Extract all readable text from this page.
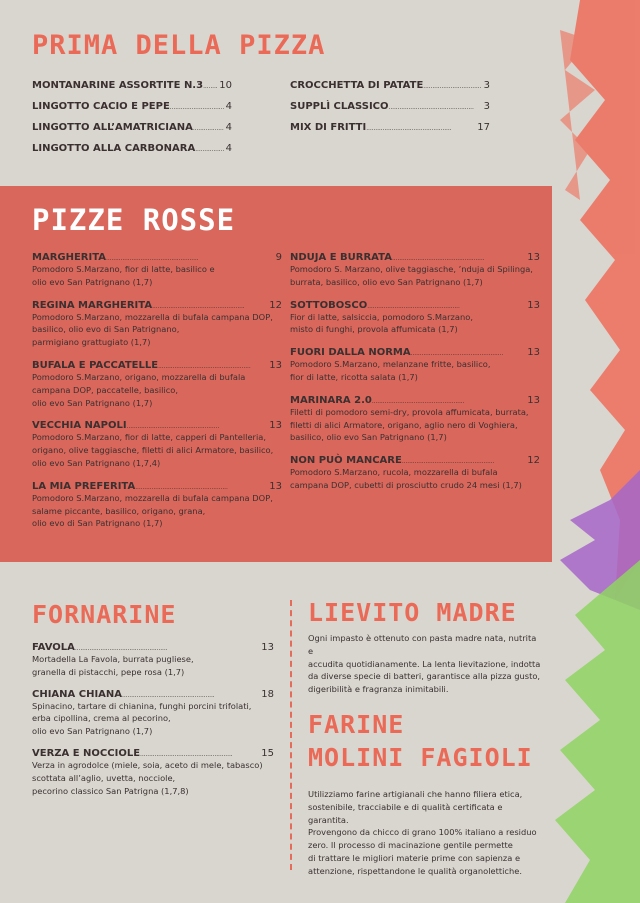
PRIMA DELLA PIZZA
MONTANARINE ASSORTITE N.3 . . . 10
LINGOTTO CACIO E PEPE . . .	4
LINGOTTO ALL’AMATRICIANA . . .	4
LINGOTTO ALLA CARBONARA . . .	4
CROCCHETTA DI PATATE . . .	3
SUPPLÌ CLASSICO . . .	3
MIX DI FRITTI . . .	17
PIZZE ROSSE
MARGHERITA . . .	9
Pomodoro S.Marzano, fior di latte, basilico e
olio evo San Patrignano (1,7)
REGINA MARGHERITA . . .	12
Pomodoro S.Marzano, mozzarella di bufala campana DOP,
basilico, olio evo di San Patrignano,
parmigiano grattugiato (1,7)
BUFALA E PACCATELLE . . .	13
Pomodoro S.Marzano, origano, mozzarella di bufala
campana DOP, paccatelle, basilico,
olio evo San Patrignano (1,7)
VECCHIA NAPOLI . . .	13
Pomodoro S.Marzano, fior di latte, capperi di Pantelleria,
origano, olive taggiasche, filetti di alici Armatore, basilico,
olio evo San Patrignano (1,7,4)
LA MIA PREFERITA . . .	13
Pomodoro S.Marzano, mozzarella di bufala campana DOP,
salame piccante, basilico, origano, grana,
olio evo di San Patrignano (1,7)
NDUJA E BURRATA . . .	13
Pomodoro S. Marzano, olive taggiasche, ’nduja di Spilinga,
burrata, basilico, olio evo San Patrignano (1,7)
SOTTOBOSCO . . .	13
Fior di latte, salsiccia, pomodoro S.Marzano,
misto di funghi, provola affumicata (1,7)
FUORI DALLA NORMA . . .	13
Pomodoro S.Marzano, melanzane fritte, basilico,
fior di latte, ricotta salata (1,7)
MARINARA 2.0 . . .	13
Filetti di pomodoro semi-dry, provola affumicata, burrata,
filetti di alici Armatore, origano, aglio nero di Voghiera,
basilico, olio evo San Patrignano (1,7)
NON PUÒ MANCARE . . .	12
Pomodoro S.Marzano, rucola, mozzarella di bufala
campana DOP, cubetti di prosciutto crudo 24 mesi (1,7)
FORNARINE
FAVOLA . . .	13
Mortadella La Favola, burrata pugliese,
granella di pistacchi, pepe rosa (1,7)
CHIANA CHIANA . . .	18
Spinacino, tartare di chianina, funghi porcini trifolati,
erba cipollina, crema al pecorino,
olio evo San Patrignano (1,7)
VERZA E NOCCIOLE . . .	15
Verza in agrodolce (miele, soia, aceto di mele, tabasco)
scottata all’aglio, uvetta, nocciole,
pecorino classico San Patrigna (1,7,8)
LIEVITO MADRE
Ogni impasto è ottenuto con pasta madre nata, nutrita e
accudita quotidianamente. La lenta lievitazione, indotta
da diverse specie di batteri, garantisce alla pizza gusto,
digeribilità e fragranza inimitabili.
FARINE
MOLINI FAGIOLI
Utilizziamo farine artigianali che hanno filiera etica,
sostenibile, tracciabile e di qualità certificata e garantita.
Provengono da chicco di grano 100% italiano a residuo
zero. Il processo di macinazione gentile permette
di trattare le migliori materie prime con sapienza e
attenzione, rispettandone le qualità organolettiche.
